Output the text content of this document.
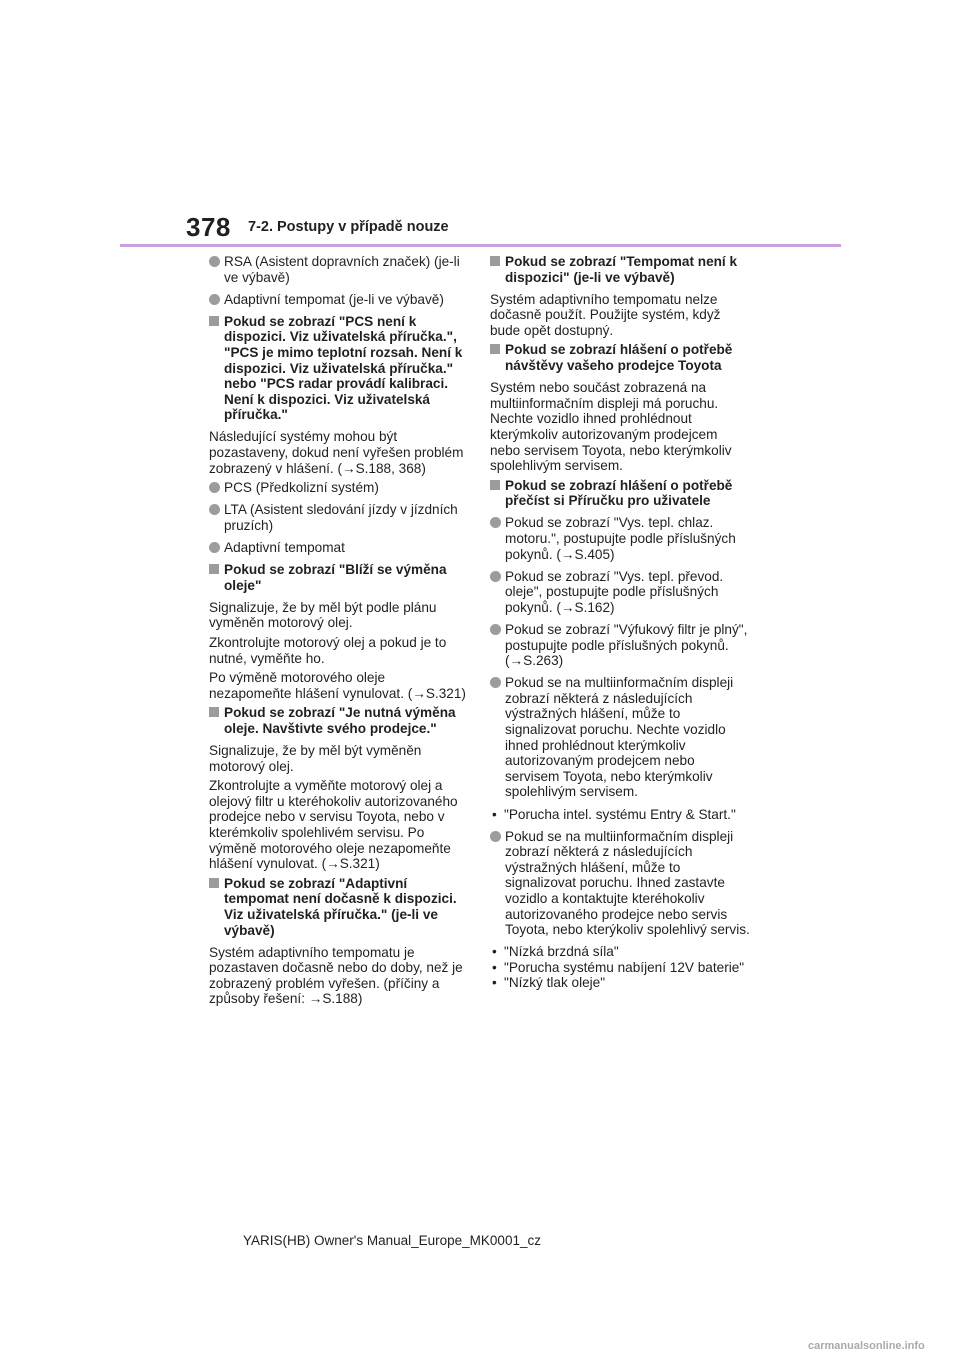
378 7-2. Postupy v případě nouze
RSA (Asistent dopravních značek) (je-li ve výbavě)
Adaptivní tempomat (je-li ve výbavě)
Pokud se zobrazí "PCS není k dispozici. Viz uživatelská příručka.", "PCS je mimo teplotní rozsah. Není k dispozici. Viz uživatelská příručka." nebo "PCS radar provádí kalibraci. Není k dispozici. Viz uživatelská příručka."
Následující systémy mohou být pozastaveny, dokud není vyřešen problém zobrazený v hlášení. (→S.188, 368)
PCS (Předkolizní systém)
LTA (Asistent sledování jízdy v jízdních pruzích)
Adaptivní tempomat
Pokud se zobrazí "Blíží se výměna oleje"
Signalizuje, že by měl být podle plánu vyměněn motorový olej.
Zkontrolujte motorový olej a pokud je to nutné, vyměňte ho.
Po výměně motorového oleje nezapomeňte hlášení vynulovat. (→S.321)
Pokud se zobrazí "Je nutná výměna oleje. Navštivte svého prodejce."
Signalizuje, že by měl být vyměněn motorový olej.
Zkontrolujte a vyměňte motorový olej a olejový filtr u kteréhokoliv autorizovaného prodejce nebo v servisu Toyota, nebo v kterémkoliv spolehlivém servisu. Po výměně motorového oleje nezapomeňte hlášení vynulovat. (→S.321)
Pokud se zobrazí "Adaptivní tempomat není dočasně k dispozici. Viz uživatelská příručka." (je-li ve výbavě)
Systém adaptivního tempomatu je pozastaven dočasně nebo do doby, než je zobrazený problém vyřešen. (příčiny a způsoby řešení: →S.188)
Pokud se zobrazí "Tempomat není k dispozici" (je-li ve výbavě)
Systém adaptivního tempomatu nelze dočasně použít. Použijte systém, když bude opět dostupný.
Pokud se zobrazí hlášení o potřebě návštěvy vašeho prodejce Toyota
Systém nebo součást zobrazená na multiinformačním displeji má poruchu. Nechte vozidlo ihned prohlédnout kterýmkoliv autorizovaným prodejcem nebo servisem Toyota, nebo kterýmkoliv spolehlivým servisem.
Pokud se zobrazí hlášení o potřebě přečíst si Příručku pro uživatele
Pokud se zobrazí "Vys. tepl. chlaz. motoru.", postupujte podle příslušných pokynů. (→S.405)
Pokud se zobrazí "Vys. tepl. převod. oleje", postupujte podle příslušných pokynů. (→S.162)
Pokud se zobrazí "Výfukový filtr je plný", postupujte podle příslušných pokynů. (→S.263)
Pokud se na multiinformačním displeji zobrazí některá z následujících výstražných hlášení, může to signalizovat poruchu. Nechte vozidlo ihned prohlédnout kterýmkoliv autorizovaným prodejcem nebo servisem Toyota, nebo kterýmkoliv spolehlivým servisem.
• "Porucha intel. systému Entry & Start."
Pokud se na multiinformačním displeji zobrazí některá z následujících výstražných hlášení, může to signalizovat poruchu. Ihned zastavte vozidlo a kontaktujte kteréhokoliv autorizovaného prodejce nebo servis Toyota, nebo kterýkoliv spolehlivý servis.
• "Nízká brzdná síla"
• "Porucha systému nabíjení 12V baterie"
• "Nízký tlak oleje"
YARIS(HB) Owner's Manual_Europe_MK0001_cz
carmanualsonline.info
